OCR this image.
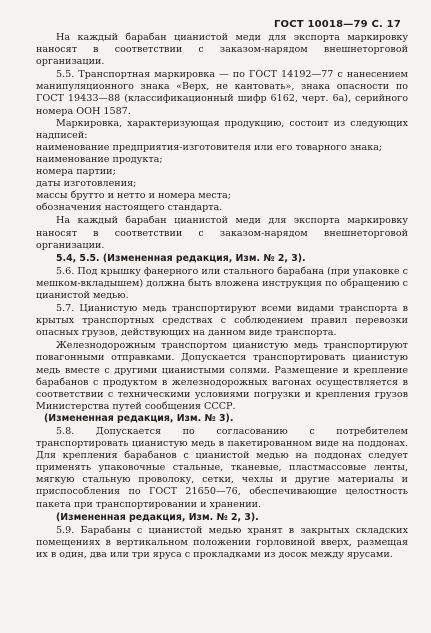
ГОСТ 10018—79 С. 17

На каждый барабан цианистой меди для экспорта маркировку наносят в соответствии с заказом-нарядом внешнеторговой организации.

5.5. Транспортная маркировка — по ГОСТ 14192—77 с нанесением манипуляционного знака «Верх, не кантовать», знака опасности по ГОСТ 19433—88 (классификационный шифр 6162, черт. 6а), серийного номера ООН 1587.

Маркировка, характеризующая продукцию, состоит из следующих надписей:

наименование предприятия-изготовителя или его товарного знака;

наименование продукта;

номера партии;

даты изготовления;

массы брутто и нетто и номера места;

обозначения настоящего стандарта.

На каждый барабан цианистой меди для экспорта маркировку наносят в соответствии с заказом-нарядом внешнеторговой организации.

5.4, 5.5. (Измененная редакция, Изм. № 2, 3).

5.6. Под крышку фанерного или стального барабана (при упаковке с мешком-вкладышем) должна быть вложена инструкция по обращению с цианистой медью.

5.7. Цианистую медь транспортируют всеми видами транспорта в крытых транспортных средствах с соблюдением правил перевозки опасных грузов, действующих на данном виде транспорта.

Железнодорожным транспортом цианистую медь транспортируют повагонными отправками. Допускается транспортировать цианистую медь вместе с другими цианистыми солями. Размещение и крепление барабанов с продуктом в железнодорожных вагонах осуществляется в соответствии с техническими условиями погрузки и крепления грузов Министерства путей сообщения СССР.

(Измененная редакция, Изм. № 3).

5.8. Допускается по согласованию с потребителем транспортировать цианистую медь в пакетированном виде на поддонах. Для крепления барабанов с цианистой медью на поддонах следует применять упаковочные стальные, тканевые, пластмассовые ленты, мягкую стальную проволоку, сетки, чехлы и другие материалы и приспособления по ГОСТ 21650—76, обеспечивающие целостность пакета при транспортировании и хранении.

(Измененная редакция, Изм. № 2, 3).

5.9. Барабаны с цианистой медью хранят в закрытых складских помещениях в вертикальном положении горловиной вверх, размещая их в один, два или три яруса с прокладками из досок между ярусами.
